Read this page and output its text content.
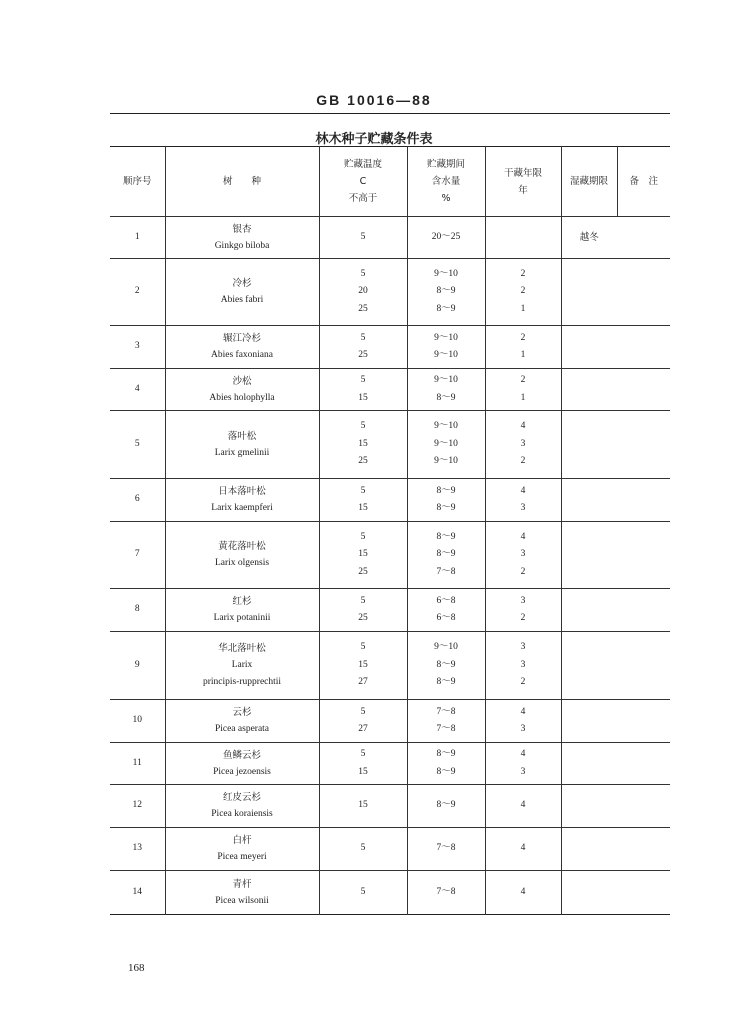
GB 10016—88
林木种子贮藏条件表
顺序号	树　　种	贮藏温度
C
不高于	贮藏期间
含水量
%	干藏年限
年	湿藏期限	备　注

1	银杏
Ginkgo biloba	5	20～25		越冬	

2	冷杉
Abies fabri	5
20
25	9～10
8～9
8～9	2
2
1		

3	辗江冷杉
Abies faxoniana	5
25	9～10
9～10	2
1		

4	沙松
Abies holophylla	5
15	9～10
8～9	2
1		

5	落叶松
Larix gmelinii	5
15
25	9～10
9～10
9～10	4
3
2		

6	日本落叶松
Larix kaempferi	5
15	8～9
8～9	4
3		

7	黄花落叶松
Larix olgensis	5
15
25	8～9
8～9
7～8	4
3
2		

8	红杉
Larix potaninii	5
25	6～8
6～8	3
2		

9	华北落叶松
Larix
principis-rupprechtii	5
15
27	9～10
8～9
8～9	3
3
2		

10	云杉
Picea asperata	5
27	7～8
7～8	4
3		

11	鱼鳞云杉
Picea jezoensis	5
15	8～9
8～9	4
3		

12	红皮云杉
Picea koraiensis	15	8～9	4		

13	白杆
Picea meyeri	5	7～8	4		

14	青杆
Picea wilsonii	5	7～8	4		

168
